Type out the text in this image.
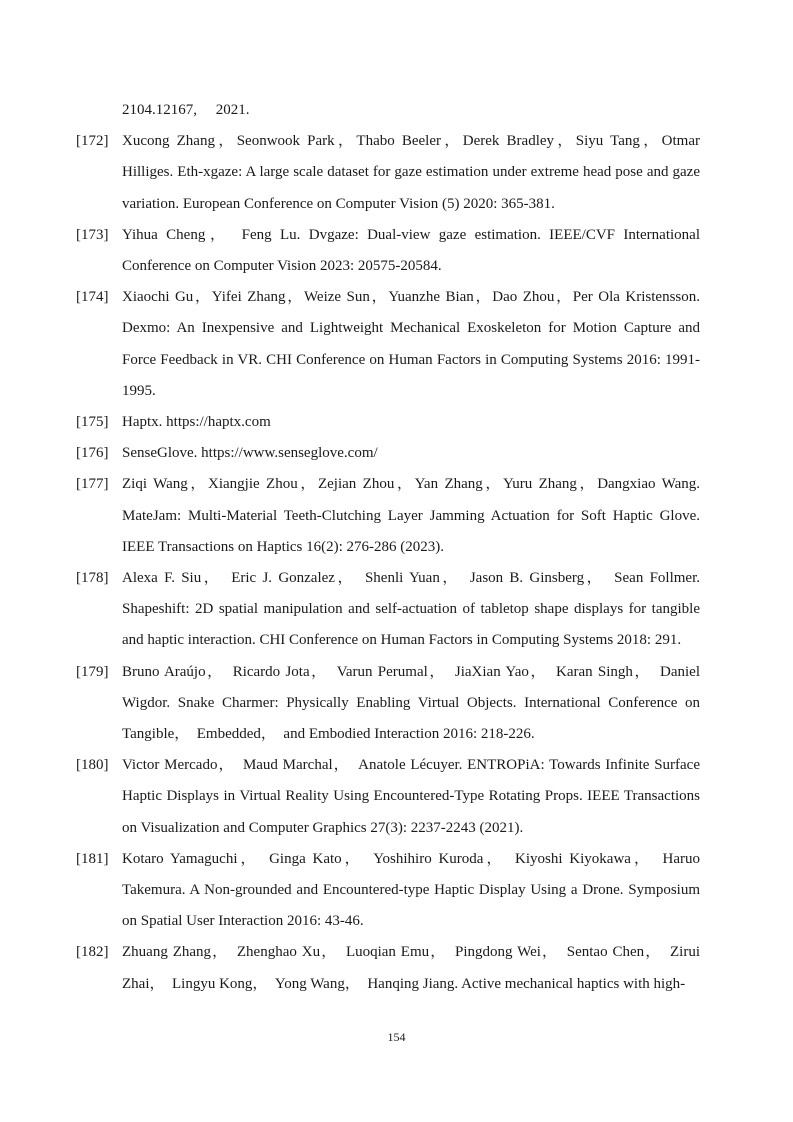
2104.12167,　 2021.

[172] Xucong Zhang，Seonwook Park，Thabo Beeler，Derek Bradley，Siyu Tang，Otmar Hilliges. Eth-xgaze: A large scale dataset for gaze estimation under extreme head pose and gaze variation. European Conference on Computer Vision (5) 2020: 365-381.
[173] Yihua Cheng，　Feng Lu. Dvgaze: Dual-view gaze estimation. IEEE/CVF International Conference on Computer Vision 2023: 20575-20584.
[174] Xiaochi Gu，Yifei Zhang，Weize Sun，Yuanzhe Bian，Dao Zhou，Per Ola Kristensson. Dexmo: An Inexpensive and Lightweight Mechanical Exoskeleton for Motion Capture and Force Feedback in VR. CHI Conference on Human Factors in Computing Systems 2016: 1991-1995.
[175] Haptx. https://haptx.com
[176] SenseGlove. https://www.senseglove.com/
[177] Ziqi Wang，Xiangjie Zhou，Zejian Zhou，Yan Zhang，Yuru Zhang，Dangxiao Wang. MateJam: Multi-Material Teeth-Clutching Layer Jamming Actuation for Soft Haptic Glove. IEEE Transactions on Haptics 16(2): 276-286 (2023).
[178] Alexa F. Siu，　Eric J. Gonzalez，　Shenli Yuan，　Jason B. Ginsberg，　Sean Follmer. Shapeshift: 2D spatial manipulation and self-actuation of tabletop shape displays for tangible and haptic interaction. CHI Conference on Human Factors in Computing Systems 2018: 291.
[179] Bruno Araújo，　Ricardo Jota，　Varun Perumal，　JiaXian Yao，　Karan Singh，　Daniel Wigdor. Snake Charmer: Physically Enabling Virtual Objects. International Conference on Tangible，　Embedded，　and Embodied Interaction 2016: 218-226.
[180] Victor Mercado，　Maud Marchal，　Anatole Lécuyer. ENTROPiA: Towards Infinite Surface Haptic Displays in Virtual Reality Using Encountered-Type Rotating Props. IEEE Transactions on Visualization and Computer Graphics 27(3): 2237-2243 (2021).
[181] Kotaro Yamaguchi，　Ginga Kato，　Yoshihiro Kuroda，　Kiyoshi Kiyokawa，　Haruo Takemura. A Non-grounded and Encountered-type Haptic Display Using a Drone. Symposium on Spatial User Interaction 2016: 43-46.
[182] Zhuang Zhang，　Zhenghao Xu，　Luoqian Emu，　Pingdong Wei，　Sentao Chen，　Zirui Zhai，　Lingyu Kong，　Yong Wang，　Hanqing Jiang. Active mechanical haptics with high-
154
